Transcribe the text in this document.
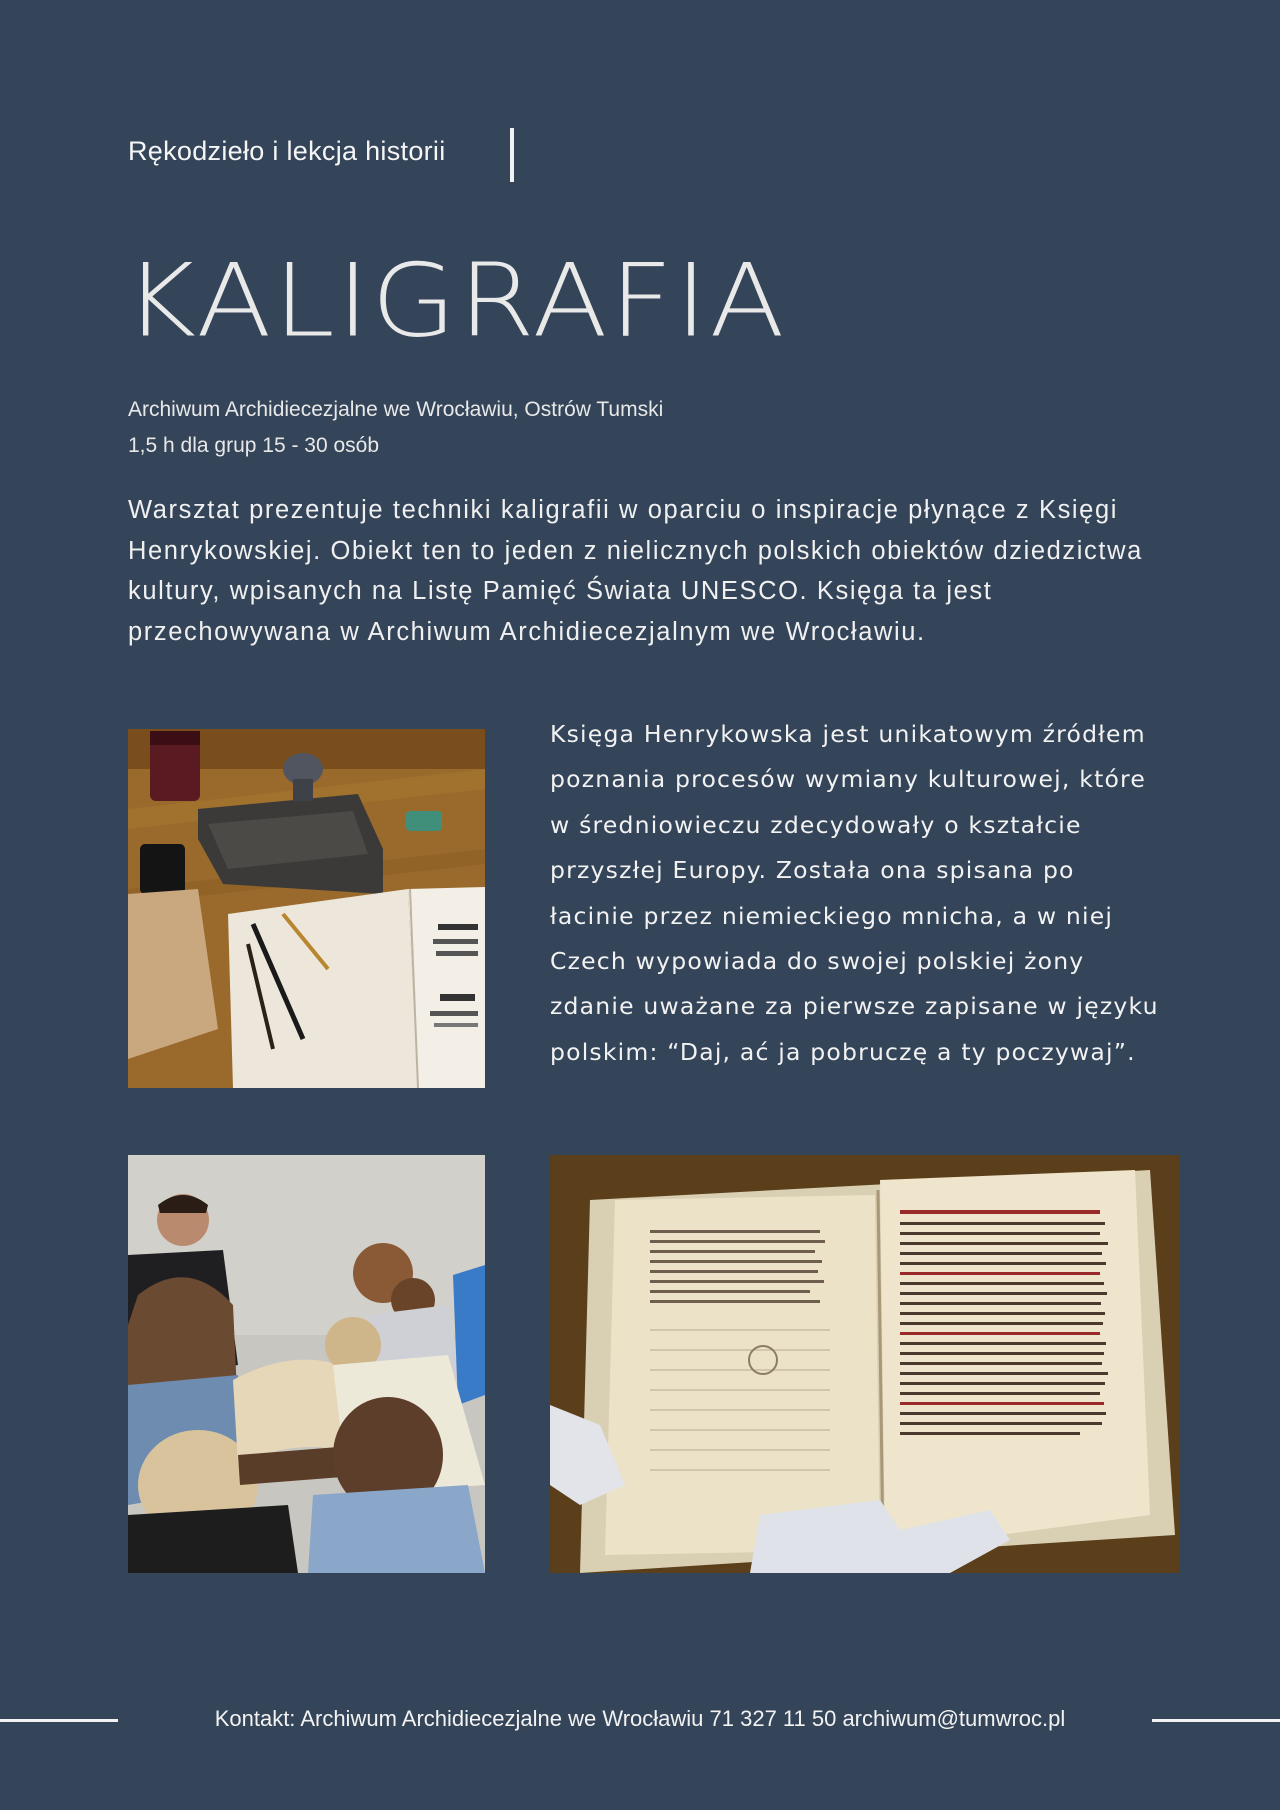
Rękodzieło i lekcja historii
KALIGRAFIA
Archiwum Archidiecezjalne we Wrocławiu, Ostrów Tumski
1,5 h dla grup 15 - 30 osób
Warsztat prezentuje techniki kaligrafii w oparciu o inspiracje płynące z Księgi Henrykowskiej. Obiekt ten to jeden z nielicznych polskich obiektów dziedzictwa kultury, wpisanych na Listę Pamięć Świata UNESCO. Księga ta jest przechowywana w Archiwum Archidiecezjalnym we Wrocławiu.
Księga Henrykowska jest unikatowym źródłem poznania procesów wymiany kulturowej, które w średniowieczu zdecydowały o kształcie przyszłej Europy. Została ona spisana po łacinie przez niemieckiego mnicha, a w niej Czech wypowiada do swojej polskiej żony zdanie uważane za pierwsze zapisane w języku polskim: “Daj, ać ja pobruczę a ty poczywaj”.
Kontakt: Archiwum Archidiecezjalne we Wrocławiu 71 327 11 50 archiwum@tumwroc.pl
